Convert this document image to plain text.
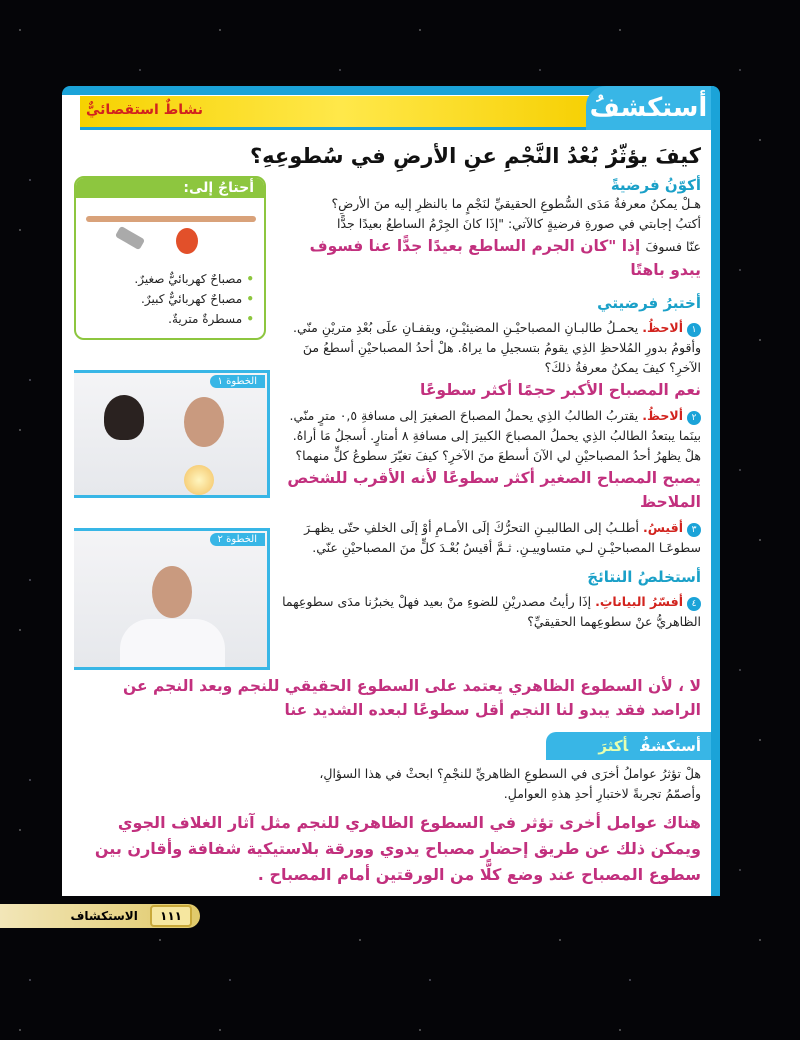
نشاطٌ استقصائيٌّ	أستكشفُ
كيفَ يؤثّرُ بُعْدُ النَّجْمِ عنِ الأرضِ في سُطوعِهِ؟
أحتاجُ إلى:
• مصباحٌ كهربائيٌّ صغيرٌ.
• مصباحٌ كهربائيٌّ كبيرٌ.
• مسطرةٌ متريةٌ.
الخطوة ١
الخطوة ٢
أكوّنُ فرضيةً
هـلْ يمكنُ معرفةُ مَدَى السُّطوعِ الحقيقيِّ لنَجْمٍ ما بالنظرِ إليه منَ الأرضِ؟
أكتبُ إجابتي في صورةِ فرضيةٍ كالآتي: "إذَا كانَ الجِرْمُ الساطعُ بعيدًا جدًّا
عنّا فسوفَ إذا "كان الجرم الساطع بعيدًا جدًّا عنا فسوف يبدو باهتًا
أختبرُ فرضيتي
١ألاحظُ. يحمـلُ طالبـانِ المصباحيْـنِ المضيئيْـنِ، ويقفـانِ علَى بُعْدِ متريْنِ منّي. وأقومُ بدورِ المُلاحظِ الذِي يقومُ بتسجيلِ ما يراهُ. هلْ أحدُ المصباحيْنِ أسطعُ منَ الآخرِ؟ كيفَ يمكنُ معرفةُ ذلكَ؟
نعم المصباح الأكبر حجمًا أكثر سطوعًا
٢ألاحظُ. يقتربُ الطالبُ الذِي يحملُ المصباحَ الصغيرَ إلى مسافةِ ٠,٥ مترٍ منّي. بينَما يبتعدُ الطالبُ الذِي يحملُ المصباحَ الكبيرَ إلى مسافةِ ٨ أمتارٍ. أسجلُ مَا أراهُ. هلْ يظهرُ أحدُ المصباحيْنِ لي الآنَ أسطعَ منَ الآخرِ؟ كيفَ تغيّرَ سطوعُ كلٍّ منهما؟
يصبح المصباح الصغير أكثر سطوعًا لأنه الأقرب للشخص الملاحظ
٣أقيسُ. أطلـبُ إلى الطالبيـنِ التحرُّكَ إلَى الأمـامِ أوْ إلَى الخلفِ حتّى يظهـرَ سطوعَـا المصباحيْـنِ لـي متساوييـنِ. ثـمَّ أقيسُ بُعْـدَ كلٍّ منَ المصباحيْنِ عنّي.
أستخلصُ النتائجَ
٤أفسّرُ البياناتِ. إذَا رأيتُ مصدريْنِ للضوءِ منْ بعيد فهلْ يخبرُنا مدَى سطوعِهما الظاهريُّ عنْ سطوعِهما الحقيقيِّ؟
لا ، لأن السطوع الظاهري يعتمد على السطوع الحقيقي للنجم وبعد النجم عن الراصد فقد يبدو لنا النجم أقل سطوعًا لبعده الشديد عنا
أستكشفُأكثرَ
هلْ تؤثرُ عواملُ أخرَى في السطوعِ الظاهريِّ للنجْمِ؟ ابحثْ في هذا السؤالِ،
وأصمّمُ تجربةً لاختبارِ أحدِ هذهِ العواملِ.
هناك عوامل أخرى تؤثر في السطوع الظاهري للنجم مثل آثار الغلاف الجوي ويمكن ذلك عن طريق إحضار مصباح يدوي وورقة بلاستيكية شفافة وأقارن بين سطوع المصباح عند وضع كلًّا من الورقتين أمام المصباح .
١١١ الاستكشاف
